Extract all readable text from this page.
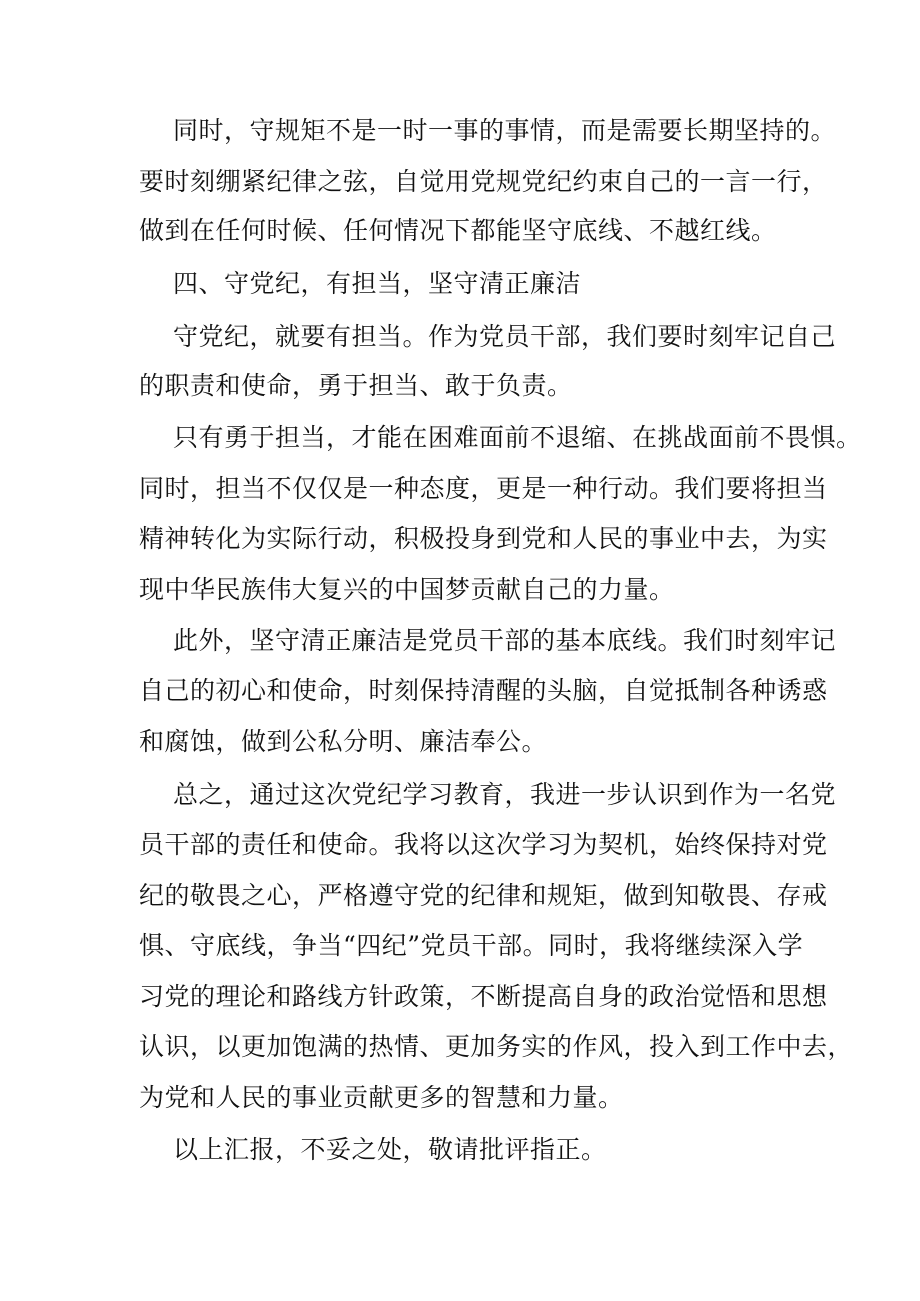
同时，守规矩不是一时一事的事情，而是需要长期坚持的。
要时刻绷紧纪律之弦，自觉用党规党纪约束自己的一言一行，
做到在任何时候、任何情况下都能坚守底线、不越红线。
四、守党纪，有担当，坚守清正廉洁
守党纪，就要有担当。作为党员干部，我们要时刻牢记自己
的职责和使命，勇于担当、敢于负责。
只有勇于担当，才能在困难面前不退缩、在挑战面前不畏惧。
同时，担当不仅仅是一种态度，更是一种行动。我们要将担当
精神转化为实际行动，积极投身到党和人民的事业中去，为实
现中华民族伟大复兴的中国梦贡献自己的力量。
此外，坚守清正廉洁是党员干部的基本底线。我们时刻牢记
自己的初心和使命，时刻保持清醒的头脑，自觉抵制各种诱惑
和腐蚀，做到公私分明、廉洁奉公。
总之，通过这次党纪学习教育，我进一步认识到作为一名党
员干部的责任和使命。我将以这次学习为契机，始终保持对党
纪的敬畏之心，严格遵守党的纪律和规矩，做到知敬畏、存戒
惧、守底线，争当“四纪”党员干部。同时，我将继续深入学
习党的理论和路线方针政策，不断提高自身的政治觉悟和思想
认识，以更加饱满的热情、更加务实的作风，投入到工作中去，
为党和人民的事业贡献更多的智慧和力量。
以上汇报，不妥之处，敬请批评指正。
